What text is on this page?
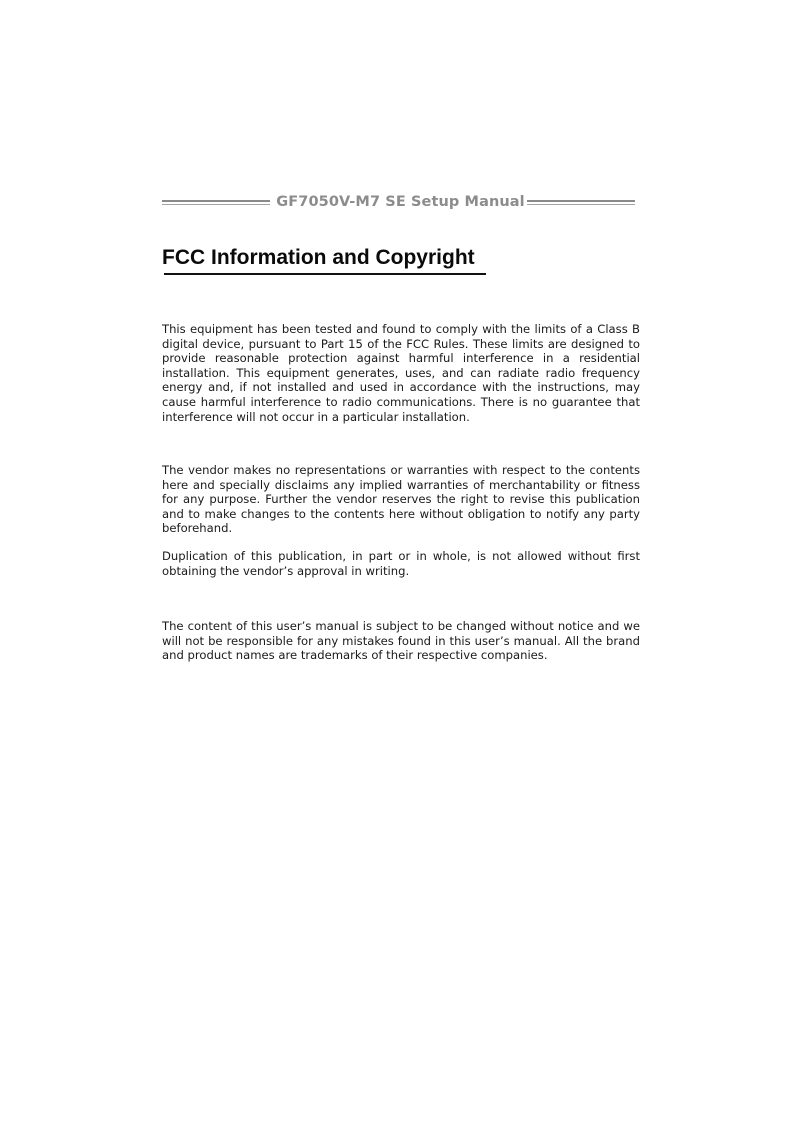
GF7050V-M7 SE Setup Manual
FCC Information and Copyright

This equipment has been tested and found to comply with the limits of a Class B digital device, pursuant to Part 15 of the FCC Rules. These limits are designed to provide reasonable protection against harmful interference in a residential installation. This equipment generates, uses, and can radiate radio frequency energy and, if not installed and used in accordance with the instructions, may cause harmful interference to radio communications. There is no guarantee that interference will not occur in a particular installation.

The vendor makes no representations or warranties with respect to the contents here and specially disclaims any implied warranties of merchantability or fitness for any purpose. Further the vendor reserves the right to revise this publication and to make changes to the contents here without obligation to notify any party beforehand.

Duplication of this publication, in part or in whole, is not allowed without first obtaining the vendor’s approval in writing.

The content of this user’s manual is subject to be changed without notice and we will not be responsible for any mistakes found in this user’s manual. All the brand and product names are trademarks of their respective companies.
